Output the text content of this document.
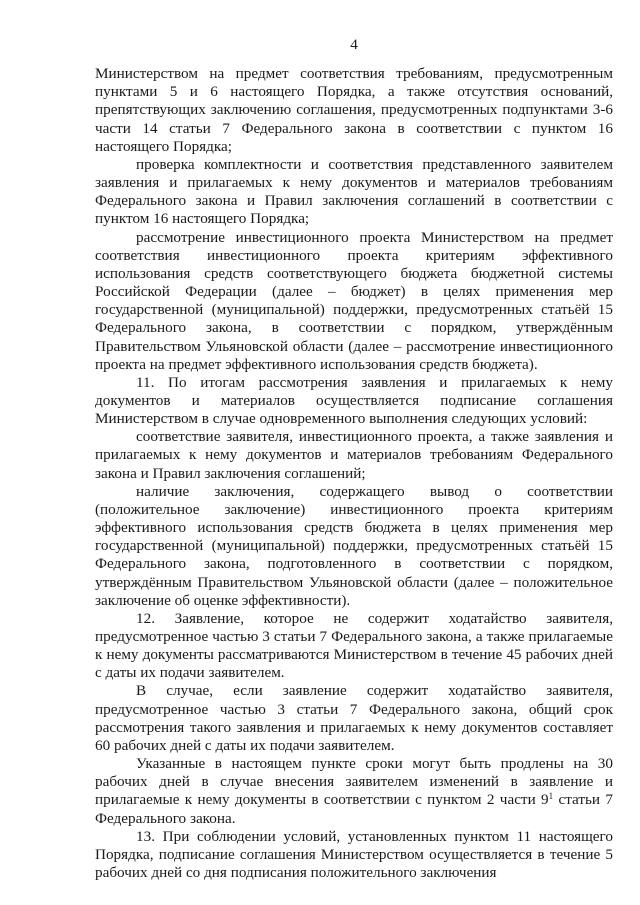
4

Министерством на предмет соответствия требованиям, предусмотренным пунктами 5 и 6 настоящего Порядка, а также отсутствия оснований, препятствующих заключению соглашения, предусмотренных подпунктами 3-6 части 14 статьи 7 Федерального закона в соответствии с пунктом 16 настоящего Порядка;

проверка комплектности и соответствия представленного заявителем заявления и прилагаемых к нему документов и материалов требованиям Федерального закона и Правил заключения соглашений в соответствии с пунктом 16 настоящего Порядка;

рассмотрение инвестиционного проекта Министерством на предмет соответствия инвестиционного проекта критериям эффективного использования средств соответствующего бюджета бюджетной системы Российской Федерации (далее – бюджет) в целях применения мер государственной (муниципальной) поддержки, предусмотренных статьёй 15 Федерального закона, в соответствии с порядком, утверждённым Правительством Ульяновской области (далее – рассмотрение инвестиционного проекта на предмет эффективного использования средств бюджета).

11. По итогам рассмотрения заявления и прилагаемых к нему документов и материалов осуществляется подписание соглашения Министерством в случае одновременного выполнения следующих условий:

соответствие заявителя, инвестиционного проекта, а также заявления и прилагаемых к нему документов и материалов требованиям Федерального закона и Правил заключения соглашений;

наличие заключения, содержащего вывод о соответствии (положительное заключение) инвестиционного проекта критериям эффективного использования средств бюджета в целях применения мер государственной (муниципальной) поддержки, предусмотренных статьёй 15 Федерального закона, подготовленного в соответствии с порядком, утверждённым Правительством Ульяновской области (далее – положительное заключение об оценке эффективности).

12. Заявление, которое не содержит ходатайство заявителя, предусмотренное частью 3 статьи 7 Федерального закона, а также прилагаемые к нему документы рассматриваются Министерством в течение 45 рабочих дней с даты их подачи заявителем.

В случае, если заявление содержит ходатайство заявителя, предусмотренное частью 3 статьи 7 Федерального закона, общий срок рассмотрения такого заявления и прилагаемых к нему документов составляет 60 рабочих дней с даты их подачи заявителем.

Указанные в настоящем пункте сроки могут быть продлены на 30 рабочих дней в случае внесения заявителем изменений в заявление и прилагаемые к нему документы в соответствии с пунктом 2 части $9^1$ статьи 7 Федерального закона.

13. При соблюдении условий, установленных пунктом 11 настоящего Порядка, подписание соглашения Министерством осуществляется в течение 5 рабочих дней со дня подписания положительного заключения
